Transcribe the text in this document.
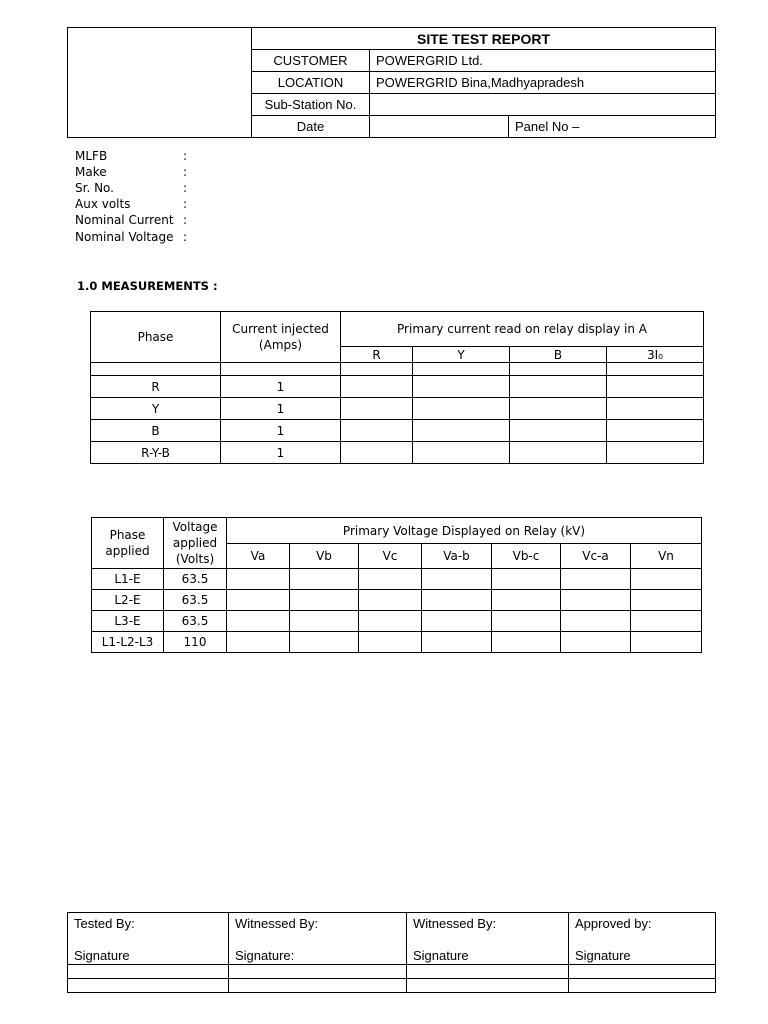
	SITE TEST REPORT		
	CUSTOMER	POWERGRID Ltd.	
	LOCATION	POWERGRID Bina,Madhyapradesh	
	Sub-Station No.		
	Date		Panel No –
MLFB	:
Make	:
Sr. No.	:
Aux volts	:
Nominal Current :
Nominal Voltage :
1.0 MEASUREMENTS :
Phase	Current injected (Amps)	Primary current read on relay display in A			
		R	Y	B	3I₀

R	1				
Y	1				
B	1				
R-Y-B	1				
Phase applied	Voltage applied (Volts)	Primary Voltage Displayed on Relay (kV)						
		Va	Vb	Vc	Va-b	Vb-c	Vc-a	Vn
L1-E	63.5							
L2-E	63.5							
L3-E	63.5							
L1-L2-L3	110							
Tested By:	Witnessed By:	Witnessed By:	Approved by:
Signature	Signature:	Signature	Signature
